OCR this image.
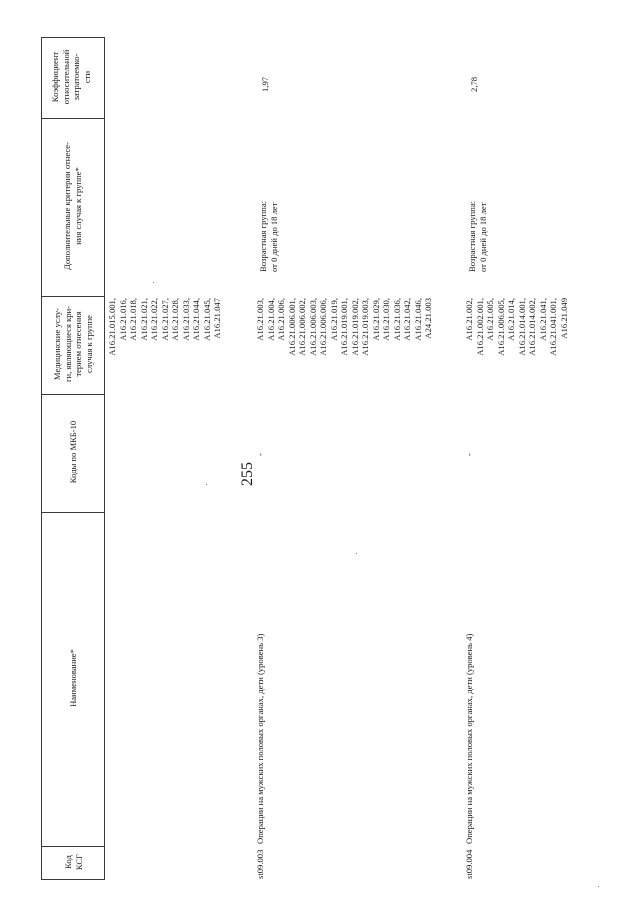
255
Коэффициент относительной затратоемко- сти
Дополнительные критерии отнесе- ния случая к группе*
Медицинские услу- ги, являющиеся кри- терием отнесения случая к группе
Коды по МКБ-10
Наименование*
Код КСГ
A16.21.015.001, A16.21.016, A16.21.018, A16.21.021, A16.21.022, A16.21.027, A16.21.028, A16.21.033, A16.21.044, A16.21.045, A16.21.047
st09.003
Операции на мужских половых органах, дети (уровень 3)
-
A16.21.003, A16.21.004, A16.21.006, A16.21.006.001, A16.21.006.002, A16.21.006.003, A16.21.006.006, A16.21.019, A16.21.019.001, A16.21.019.002, A16.21.019.003, A16.21.029, A16.21.030, A16.21.036, A16.21.042, A16.21.046, A24.21.003
Возрастная группа: от 0 дней до 18 лет
1,97
st09.004
Операции на мужских половых органах, дети (уровень 4)
-
A16.21.002, A16.21.002.001, A16.21.005, A16.21.006.005, A16.21.014, A16.21.014.001, A16.21.014.002, A16.21.041, A16.21.041.001, A16.21.049
Возрастная группа: от 0 дней до 18 лет
2,78
